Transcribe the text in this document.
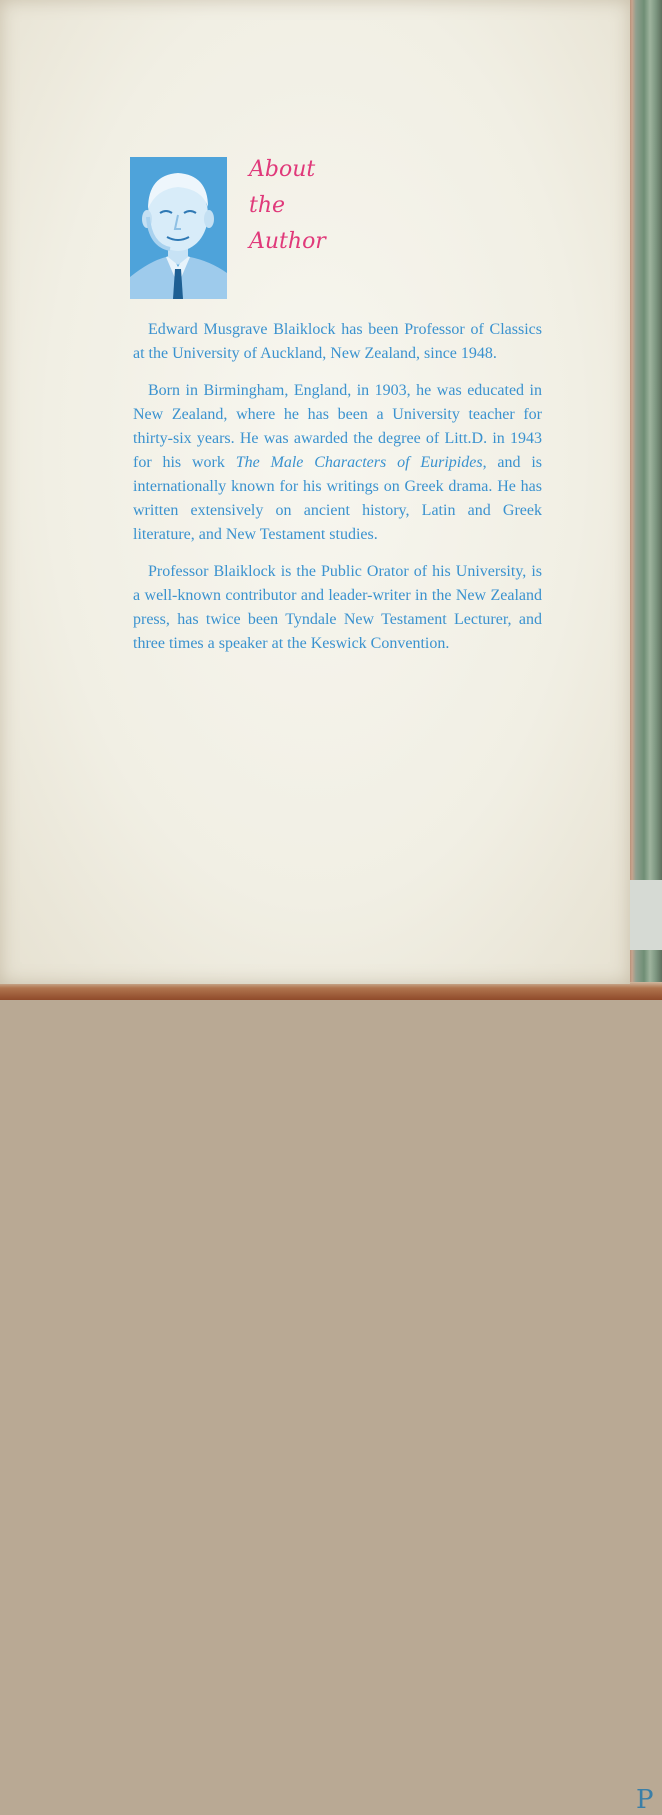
P
About
the
Author

Edward Musgrave Blaiklock has been Professor of Classics at the University of Auckland, New Zealand, since 1948.

Born in Birmingham, England, in 1903, he was educated in New Zealand, where he has been a University teacher for thirty-six years. He was awarded the degree of Litt.D. in 1943 for his work The Male Characters of Euripides, and is internationally known for his writings on Greek drama. He has written extensively on ancient history, Latin and Greek literature, and New Testament studies.

Professor Blaiklock is the Public Orator of his University, is a well-known contributor and leader-writer in the New Zealand press, has twice been Tyndale New Testament Lecturer, and three times a speaker at the Keswick Convention.
